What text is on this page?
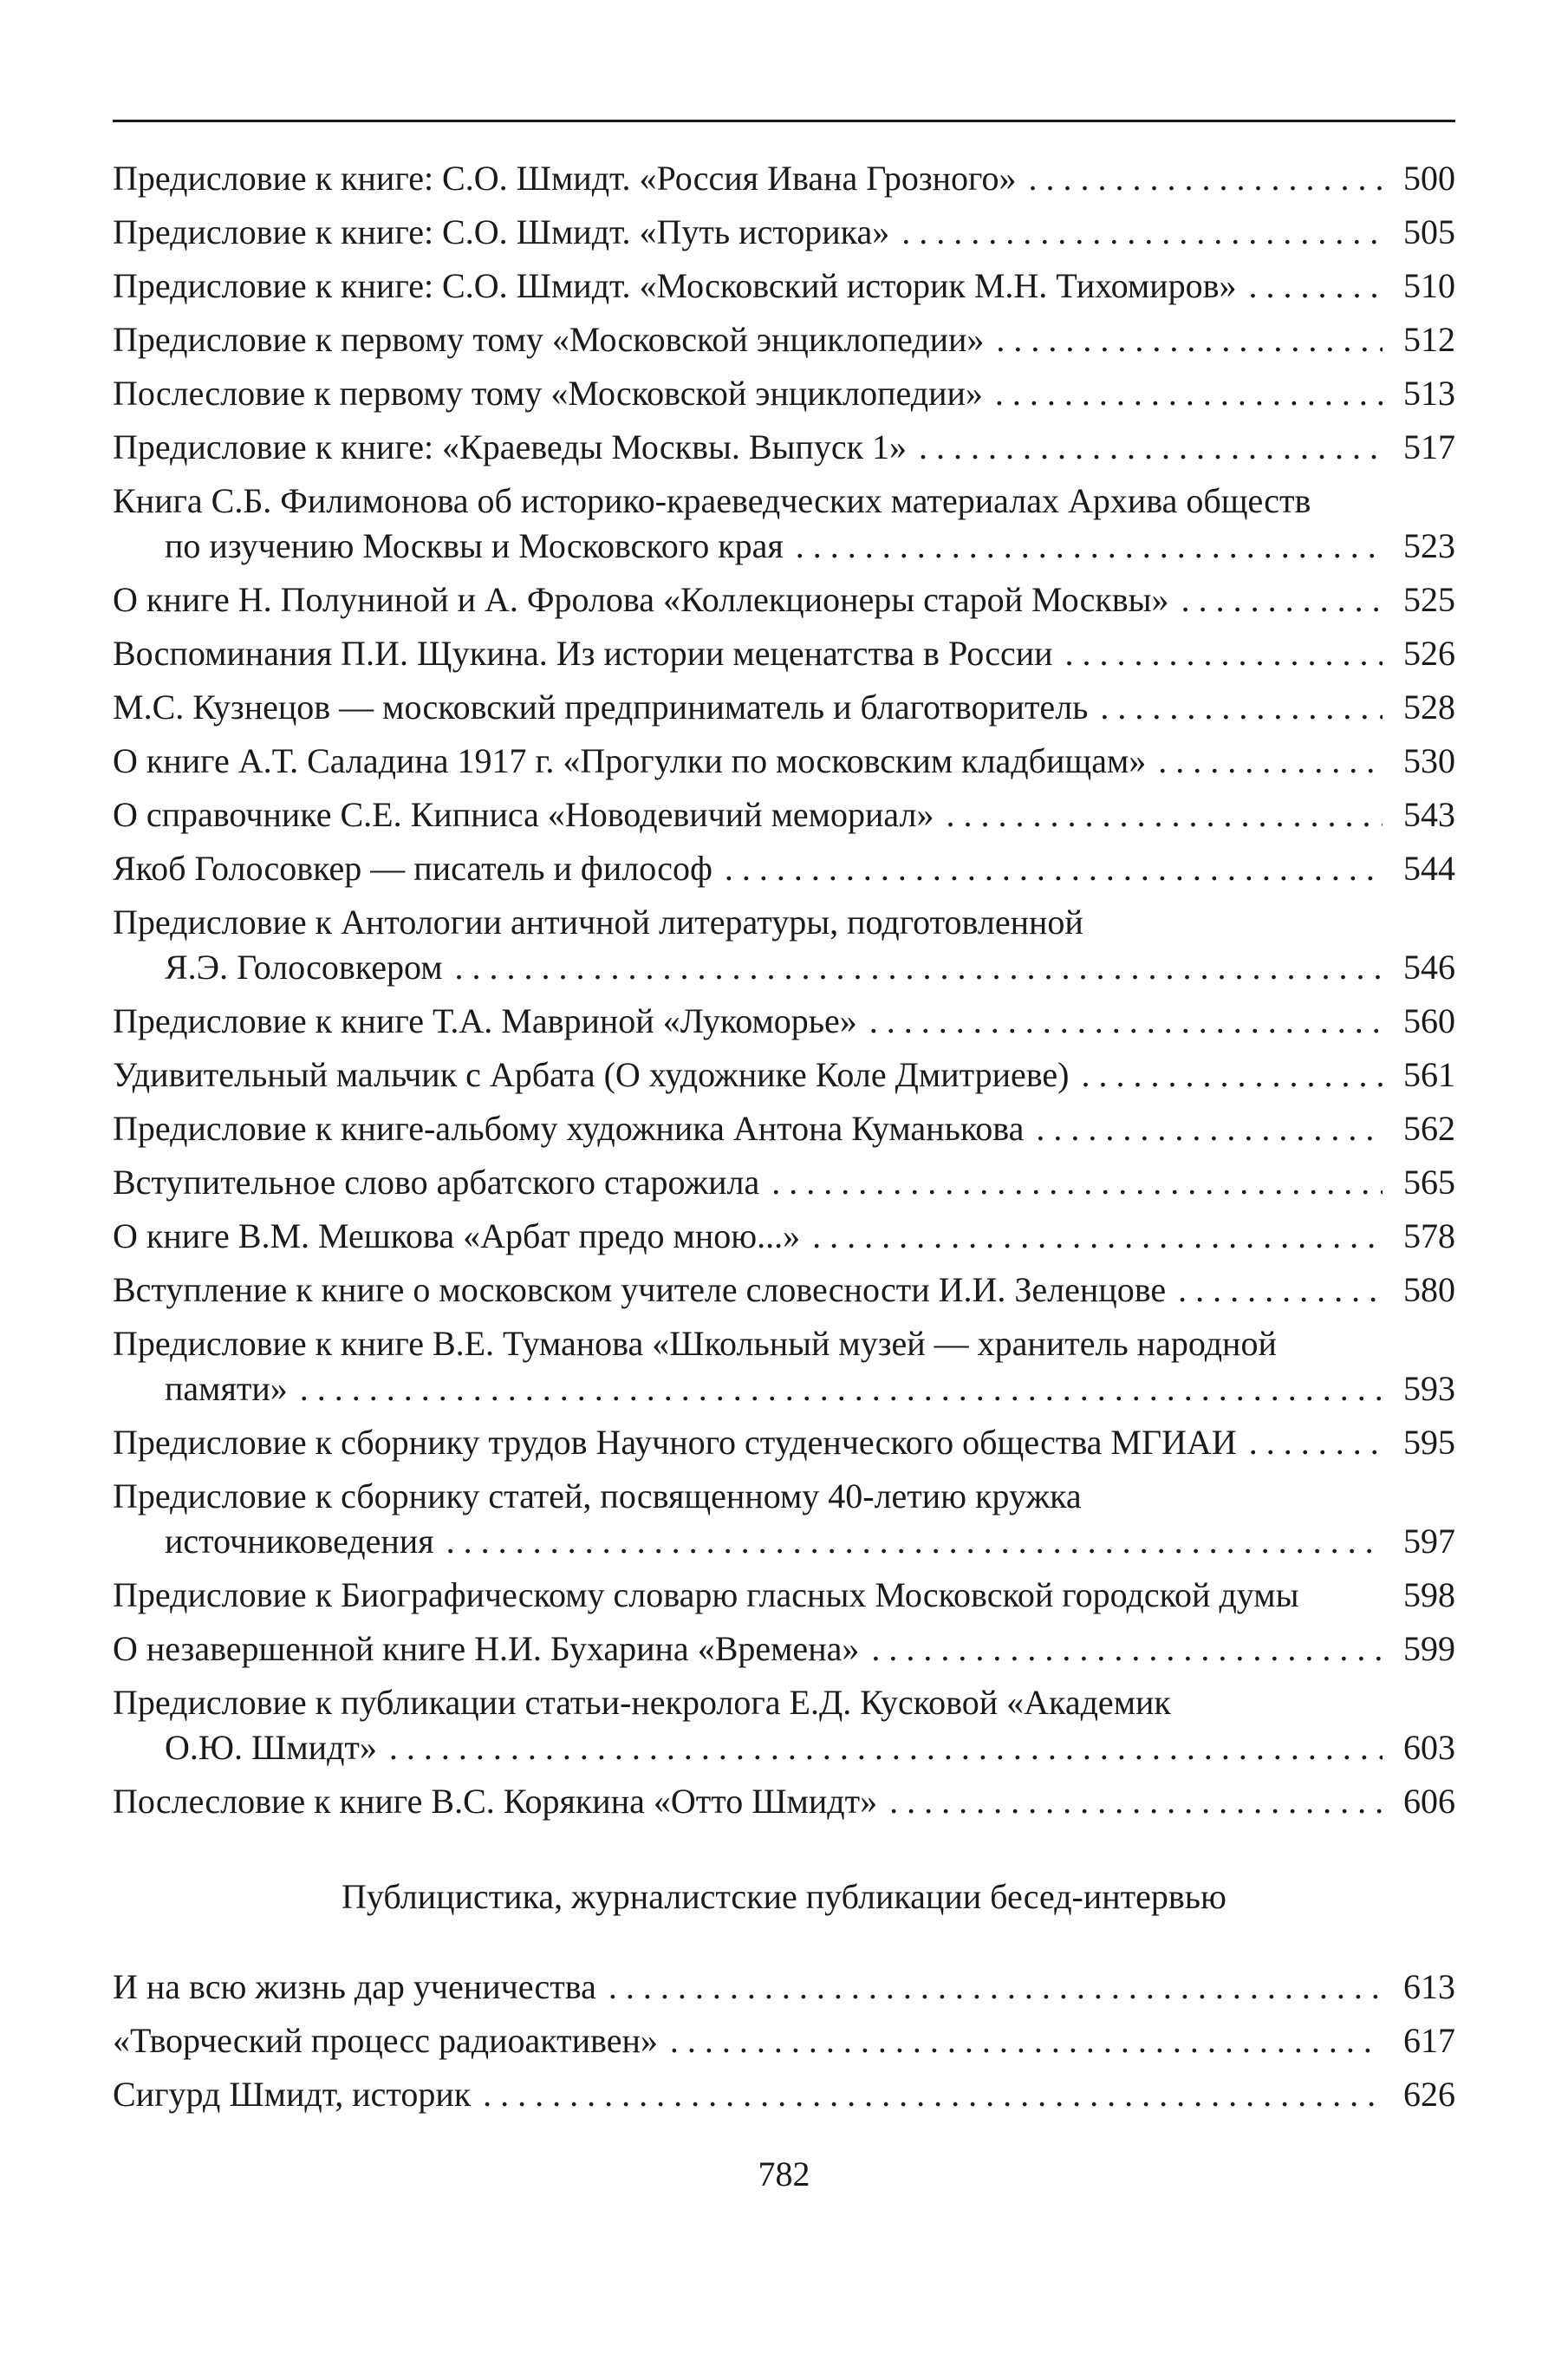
Предисловие к книге: С.О. Шмидт. «Россия Ивана Грозного» . . .	500
Предисловие к книге: С.О. Шмидт. «Путь историка» . . .	505
Предисловие к книге: С.О. Шмидт. «Московский историк М.Н. Тихомиров» . . .	510
Предисловие к первому тому «Московской энциклопедии» . . .	512
Послесловие к первому тому «Московской энциклопедии» . . .	513
Предисловие к книге: «Краеведы Москвы. Выпуск 1» . . .	517
Книга С.Б. Филимонова об историко-краеведческих материалах Архива обществ
по изучению Москвы и Московского края . . .	523
О книге Н. Полуниной и А. Фролова «Коллекционеры старой Москвы» . . .	525
Воспоминания П.И. Щукина. Из истории меценатства в России . . .	526
М.С. Кузнецов — московский предприниматель и благотворитель . . .	528
О книге А.Т. Саладина 1917 г. «Прогулки по московским кладбищам» . . .	530
О справочнике С.Е. Кипниса «Новодевичий мемориал» . . .	543
Якоб Голосовкер — писатель и философ . . .	544
Предисловие к Антологии античной литературы, подготовленной
Я.Э. Голосовкером . . .	546
Предисловие к книге Т.А. Мавриной «Лукоморье» . . .	560
Удивительный мальчик с Арбата (О художнике Коле Дмитриеве) . . .	561
Предисловие к книге-альбому художника Антона Куманькова . . .	562
Вступительное слово арбатского старожила . . .	565
О книге В.М. Мешкова «Арбат предо мною...» . . .	578
Вступление к книге о московском учителе словесности И.И. Зеленцове . . .	580
Предисловие к книге В.Е. Туманова «Школьный музей — хранитель народной
памяти» . . .	593
Предисловие к сборнику трудов Научного студенческого общества МГИАИ . . .	595
Предисловие к сборнику статей, посвященному 40-летию кружка
источниковедения . . .	597
Предисловие к Биографическому словарю гласных Московской городской думы	598
О незавершенной книге Н.И. Бухарина «Времена» . . .	599
Предисловие к публикации статьи-некролога Е.Д. Кусковой «Академик
О.Ю. Шмидт» . . .	603
Послесловие к книге В.С. Корякина «Отто Шмидт» . . .	606
Публицистика, журналистские публикации бесед-интервью
И на всю жизнь дар ученичества . . .	613
«Творческий процесс радиоактивен» . . .	617
Сигурд Шмидт, историк . . .	626
782
